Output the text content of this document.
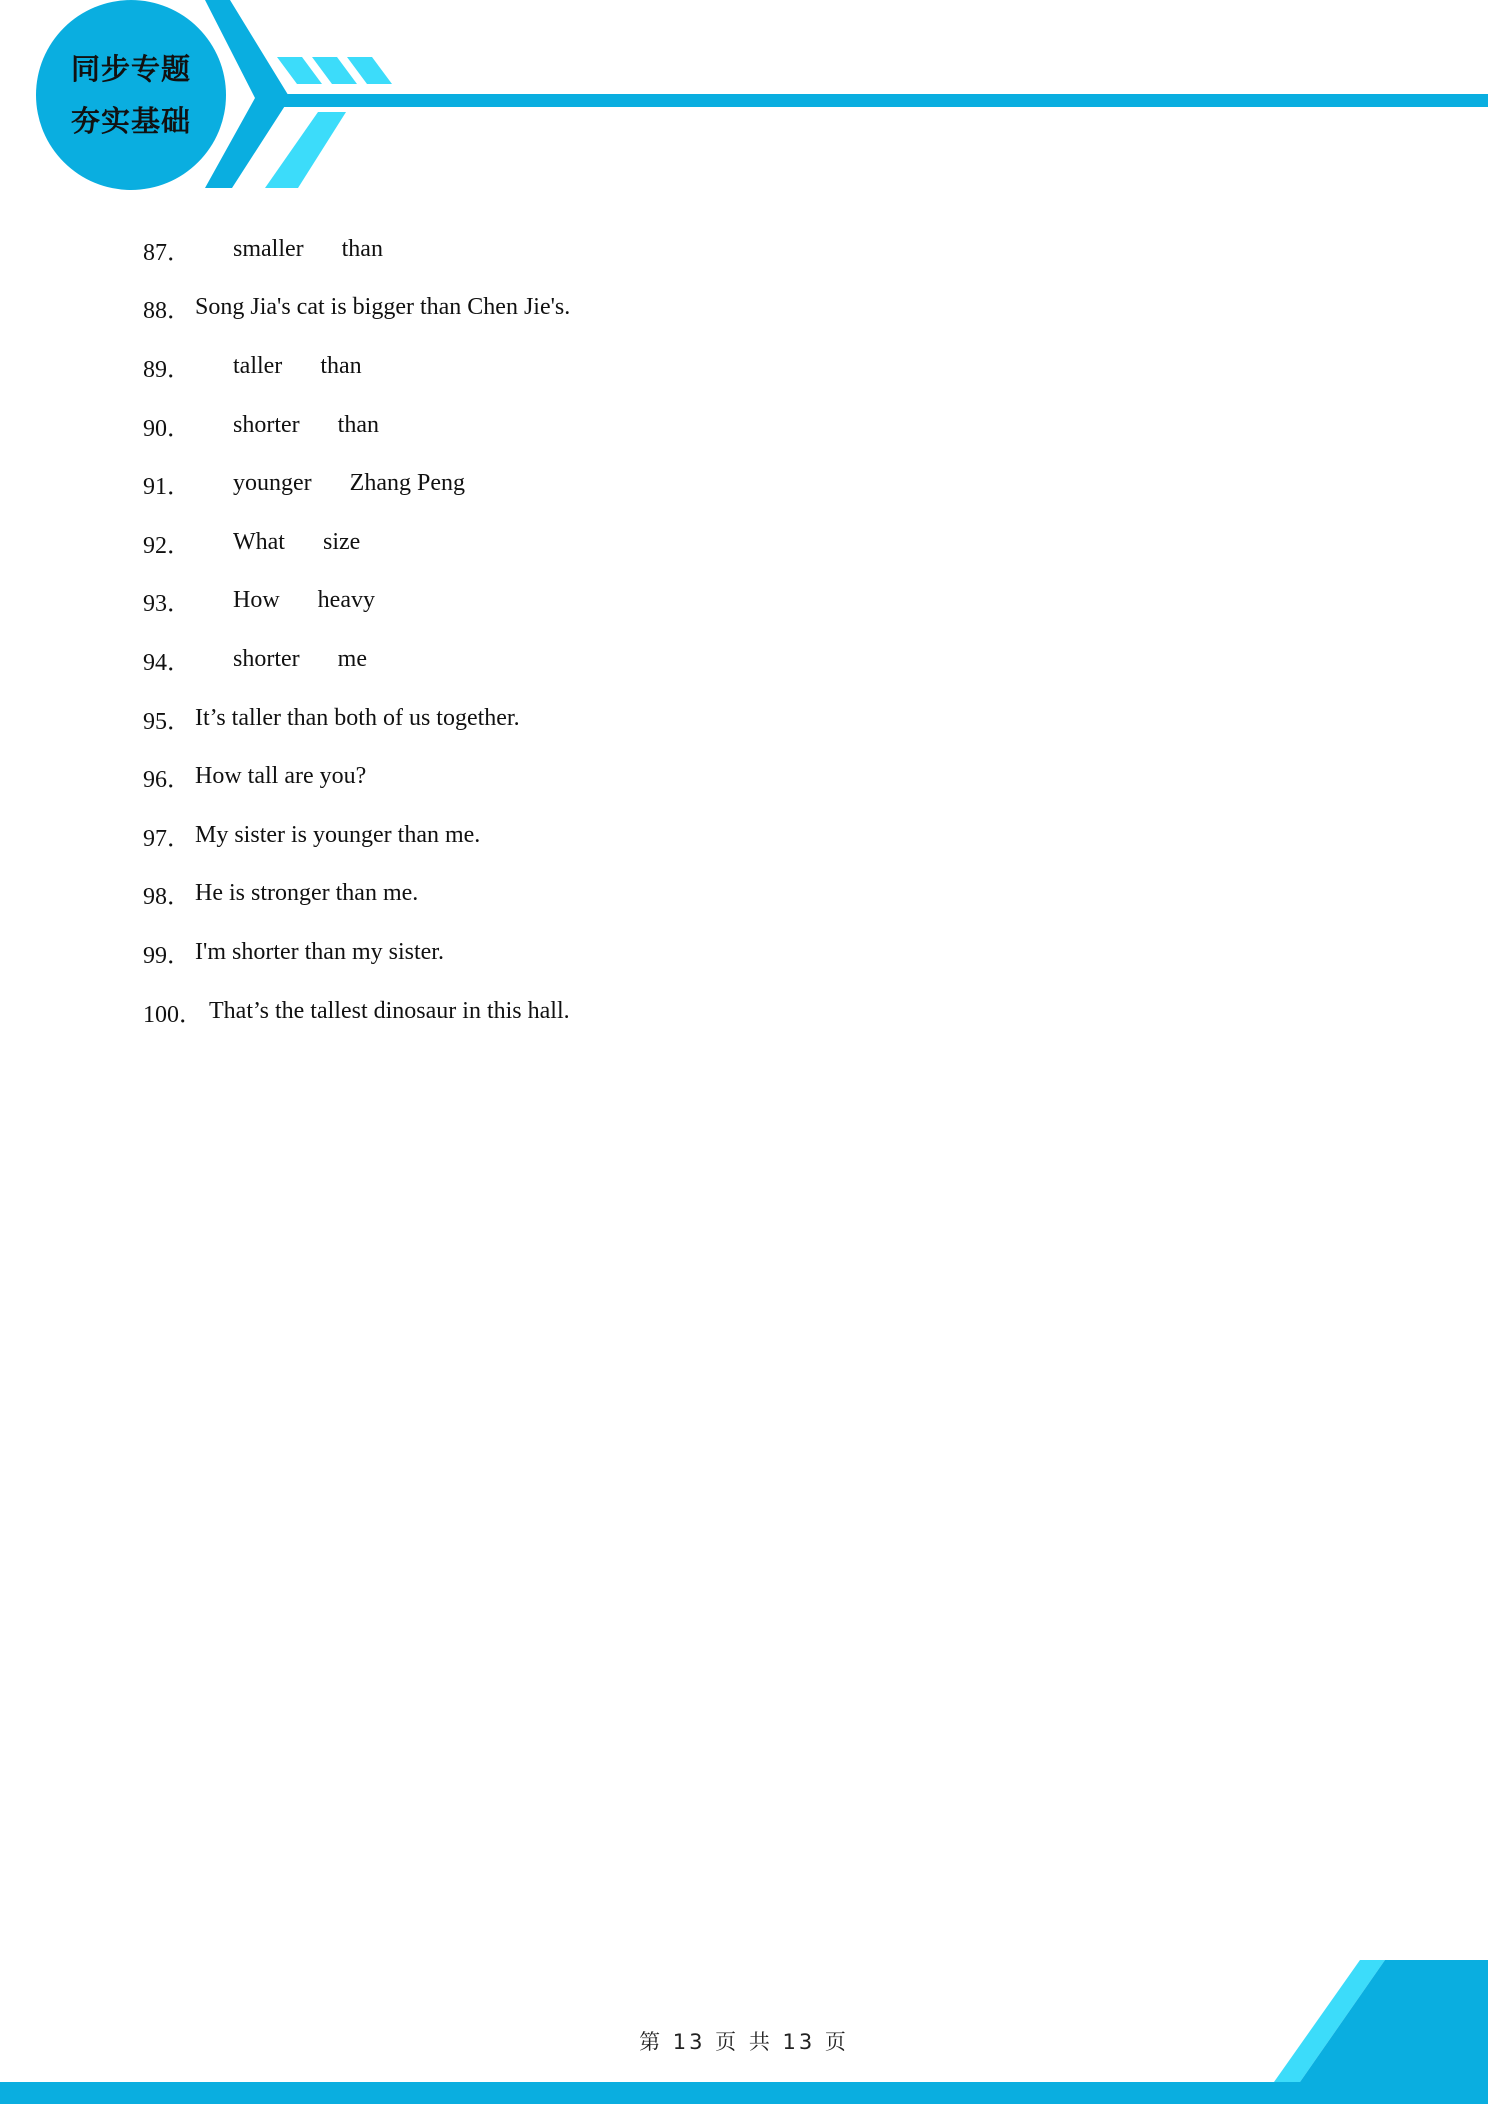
同步专题
夯实基础
87． smaller than
88． Song Jia's cat is bigger than Chen Jie's.
89． taller than
90． shorter than
91． younger Zhang Peng
92． What size
93． How heavy
94． shorter me
95． It’s taller than both of us together.
96． How tall are you?
97． My sister is younger than me.
98． He is stronger than me.
99． I'm shorter than my sister.
100． That’s the tallest dinosaur in this hall.
第 13 页 共 13 页
